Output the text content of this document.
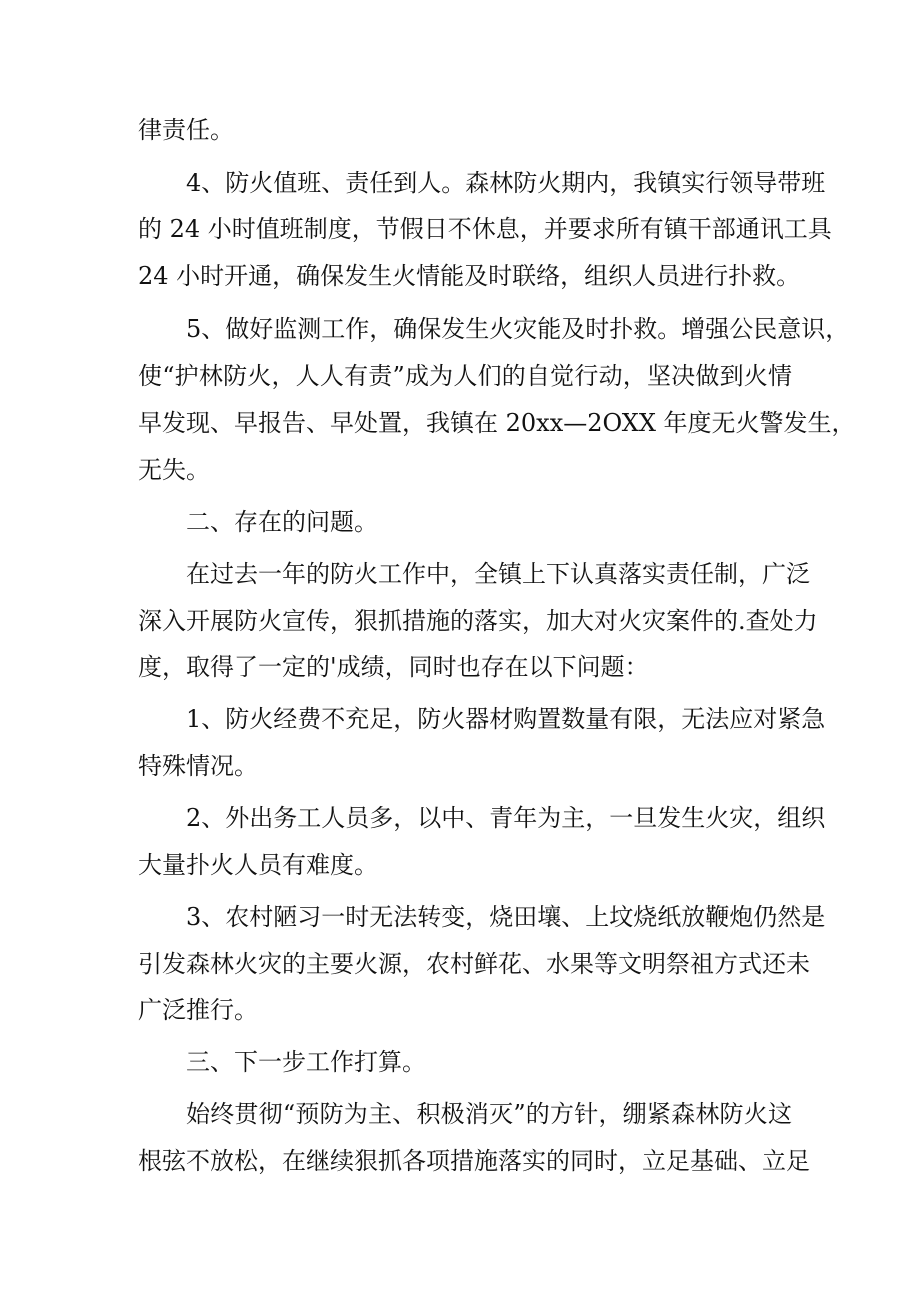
律责任。
4、防火值班、责任到人。森林防火期内，我镇实行领导带班
的 24 小时值班制度，节假日不休息，并要求所有镇干部通讯工具
24 小时开通，确保发生火情能及时联络，组织人员进行扑救。
5、做好监测工作，确保发生火灾能及时扑救。增强公民意识，
使“护林防火，人人有责”成为人们的自觉行动，坚决做到火情
早发现、早报告、早处置，我镇在 20xx—2OXX 年度无火警发生，
无失。
二、存在的问题。
在过去一年的防火工作中，全镇上下认真落实责任制，广泛
深入开展防火宣传，狠抓措施的落实，加大对火灾案件的.查处力
度，取得了一定的'成绩，同时也存在以下问题：
1、防火经费不充足，防火器材购置数量有限，无法应对紧急
特殊情况。
2、外出务工人员多，以中、青年为主，一旦发生火灾，组织
大量扑火人员有难度。
3、农村陋习一时无法转变，烧田壤、上坟烧纸放鞭炮仍然是
引发森林火灾的主要火源，农村鲜花、水果等文明祭祖方式还未
广泛推行。
三、下一步工作打算。
始终贯彻“预防为主、积极消灭”的方针，绷紧森林防火这
根弦不放松，在继续狠抓各项措施落实的同时，立足基础、立足
